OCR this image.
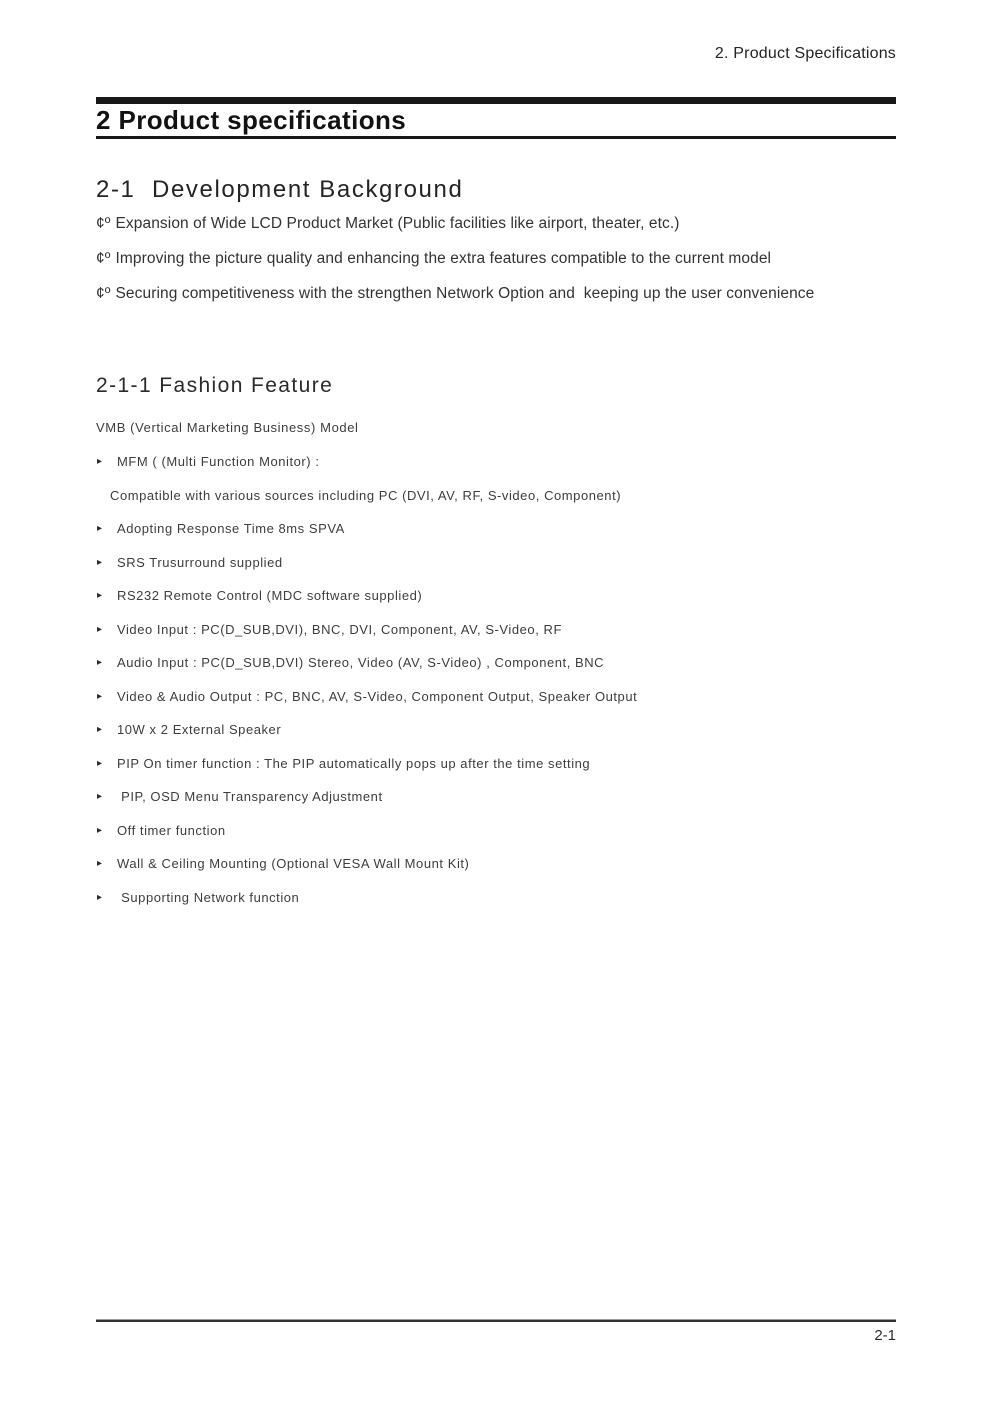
2. Product Specifications
2 Product specifications
2-1  Development Background

¢º Expansion of Wide LCD Product Market (Public facilities like airport, theater, etc.)

¢º Improving the picture quality and enhancing the extra features compatible to the current model

¢º Securing competitiveness with the strengthen Network Option and  keeping up the user convenience

2-1-1 Fashion Feature

VMB (Vertical Marketing Business) Model

▸ MFM ( (Multi Function Monitor) :
Compatible with various sources including PC (DVI, AV, RF, S-video, Component)
▸ Adopting Response Time 8ms SPVA
▸ SRS Trusurround supplied
▸ RS232 Remote Control (MDC software supplied)
▸ Video Input : PC(D_SUB,DVI), BNC, DVI, Component, AV, S-Video, RF
▸ Audio Input : PC(D_SUB,DVI) Stereo, Video (AV, S-Video) , Component, BNC
▸ Video & Audio Output : PC, BNC, AV, S-Video, Component Output, Speaker Output
▸ 10W x 2 External Speaker
▸ PIP On timer function : The PIP automatically pops up after the time setting
▸ PIP, OSD Menu Transparency Adjustment
▸ Off timer function
▸ Wall & Ceiling Mounting (Optional VESA Wall Mount Kit)
▸ Supporting Network function
2-1
